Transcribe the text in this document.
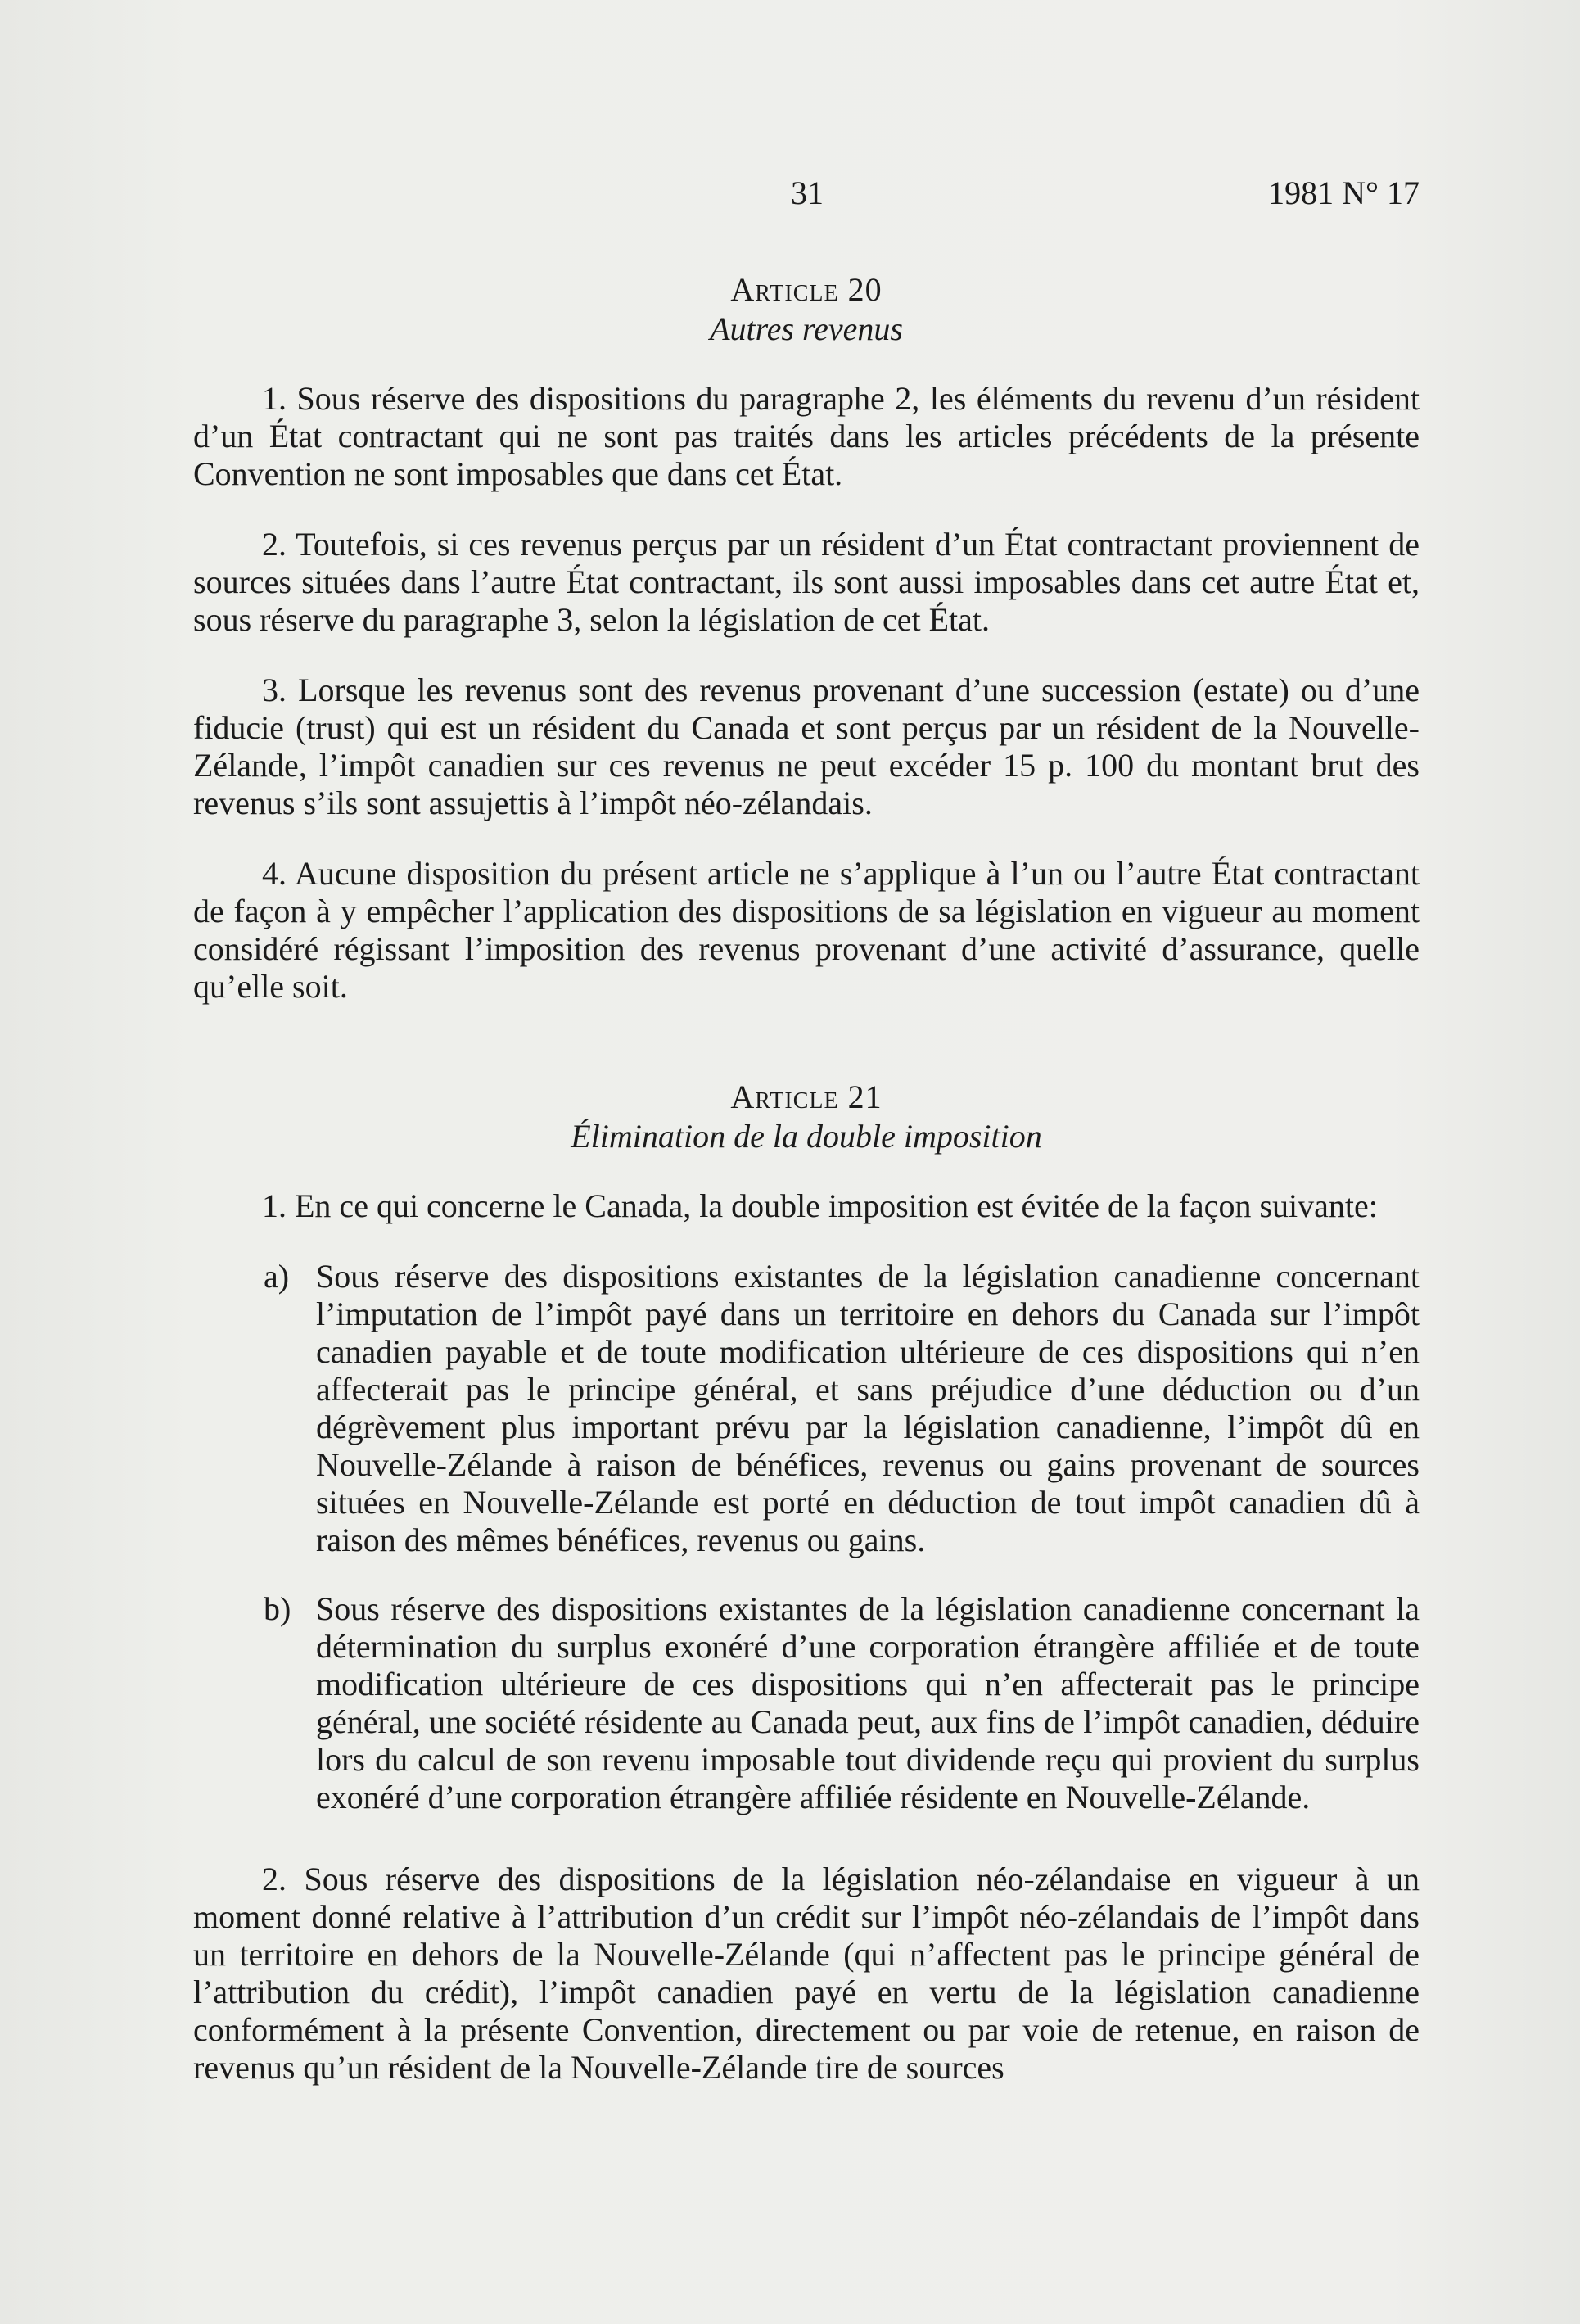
31	1981 N° 17
Article 20
Autres revenus

1. Sous réserve des dispositions du paragraphe 2, les éléments du revenu d’un résident d’un État contractant qui ne sont pas traités dans les articles précédents de la présente Convention ne sont imposables que dans cet État.

2. Toutefois, si ces revenus perçus par un résident d’un État contractant proviennent de sources situées dans l’autre État contractant, ils sont aussi imposables dans cet autre État et, sous réserve du paragraphe 3, selon la législation de cet État.

3. Lorsque les revenus sont des revenus provenant d’une succession (estate) ou d’une fiducie (trust) qui est un résident du Canada et sont perçus par un résident de la Nouvelle-Zélande, l’impôt canadien sur ces revenus ne peut excéder 15 p. 100 du montant brut des revenus s’ils sont assujettis à l’impôt néo-zélandais.

4. Aucune disposition du présent article ne s’applique à l’un ou l’autre État contractant de façon à y empêcher l’application des dispositions de sa législation en vigueur au moment considéré régissant l’imposition des revenus provenant d’une activité d’assurance, quelle qu’elle soit.

Article 21
Élimination de la double imposition

1. En ce qui concerne le Canada, la double imposition est évitée de la façon suivante:

a) Sous réserve des dispositions existantes de la législation canadienne concernant l’imputation de l’impôt payé dans un territoire en dehors du Canada sur l’impôt canadien payable et de toute modification ultérieure de ces dispositions qui n’en affecterait pas le principe général, et sans préjudice d’une déduction ou d’un dégrèvement plus important prévu par la législation canadienne, l’impôt dû en Nouvelle-Zélande à raison de bénéfices, revenus ou gains provenant de sources situées en Nouvelle-Zélande est porté en déduction de tout impôt canadien dû à raison des mêmes bénéfices, revenus ou gains.
b) Sous réserve des dispositions existantes de la législation canadienne concernant la détermination du surplus exonéré d’une corporation étrangère affiliée et de toute modification ultérieure de ces dispositions qui n’en affecterait pas le principe général, une société résidente au Canada peut, aux fins de l’impôt canadien, déduire lors du calcul de son revenu imposable tout dividende reçu qui provient du surplus exonéré d’une corporation étrangère affiliée résidente en Nouvelle-Zélande.

2. Sous réserve des dispositions de la législation néo-zélandaise en vigueur à un moment donné relative à l’attribution d’un crédit sur l’impôt néo-zélandais de l’impôt dans un territoire en dehors de la Nouvelle-Zélande (qui n’affectent pas le principe général de l’attribution du crédit), l’impôt canadien payé en vertu de la législation canadienne conformément à la présente Convention, directement ou par voie de retenue, en raison de revenus qu’un résident de la Nouvelle-Zélande tire de sources
